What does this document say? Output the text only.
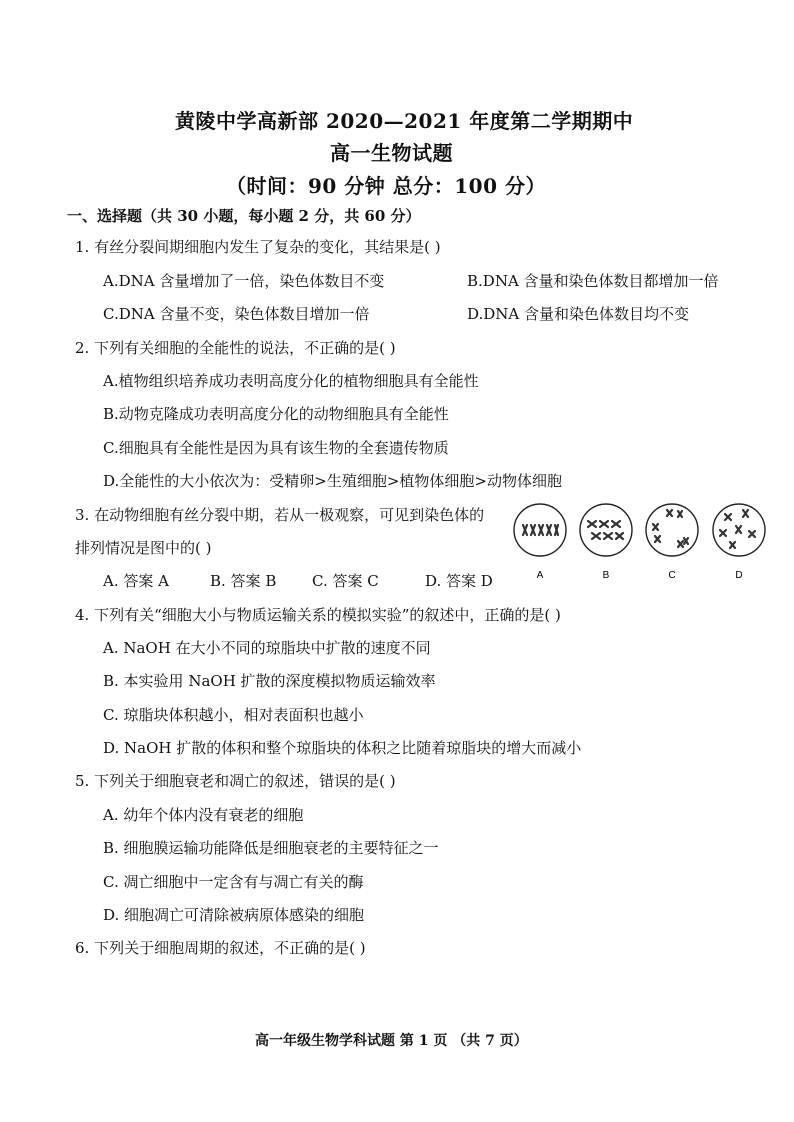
黄陵中学高新部 2020—2021 年度第二学期期中
高一生物试题
（时间：90 分钟 总分：100 分）
一、选择题（共 30 小题，每小题 2 分，共 60 分）
1. 有丝分裂间期细胞内发生了复杂的变化，其结果是( )
A.DNA 含量增加了一倍，染色体数目不变	B.DNA 含量和染色体数目都增加一倍
C.DNA 含量不变，染色体数目增加一倍	D.DNA 含量和染色体数目均不变
2. 下列有关细胞的全能性的说法，不正确的是( )
A.植物组织培养成功表明高度分化的植物细胞具有全能性
B.动物克隆成功表明高度分化的动物细胞具有全能性
C.细胞具有全能性是因为具有该生物的全套遗传物质
D.全能性的大小依次为：受精卵>生殖细胞>植物体细胞>动物体细胞
3. 在动物细胞有丝分裂中期，若从一极观察，可见到染色体的
排列情况是图中的( )
A. 答案 A	B. 答案 B C. 答案 C	D. 答案 D	A	B	C	D
4. 下列有关“细胞大小与物质运输关系的模拟实验”的叙述中，正确的是( )
A. NaOH 在大小不同的琼脂块中扩散的速度不同
B. 本实验用 NaOH 扩散的深度模拟物质运输效率
C. 琼脂块体积越小，相对表面积也越小
D. NaOH 扩散的体积和整个琼脂块的体积之比随着琼脂块的增大而减小
5. 下列关于细胞衰老和凋亡的叙述，错误的是( )
A. 幼年个体内没有衰老的细胞
B. 细胞膜运输功能降低是细胞衰老的主要特征之一
C. 凋亡细胞中一定含有与凋亡有关的酶
D. 细胞凋亡可清除被病原体感染的细胞
6. 下列关于细胞周期的叙述，不正确的是( )
高一年级生物学科试题 第 1 页 （共 7 页）
